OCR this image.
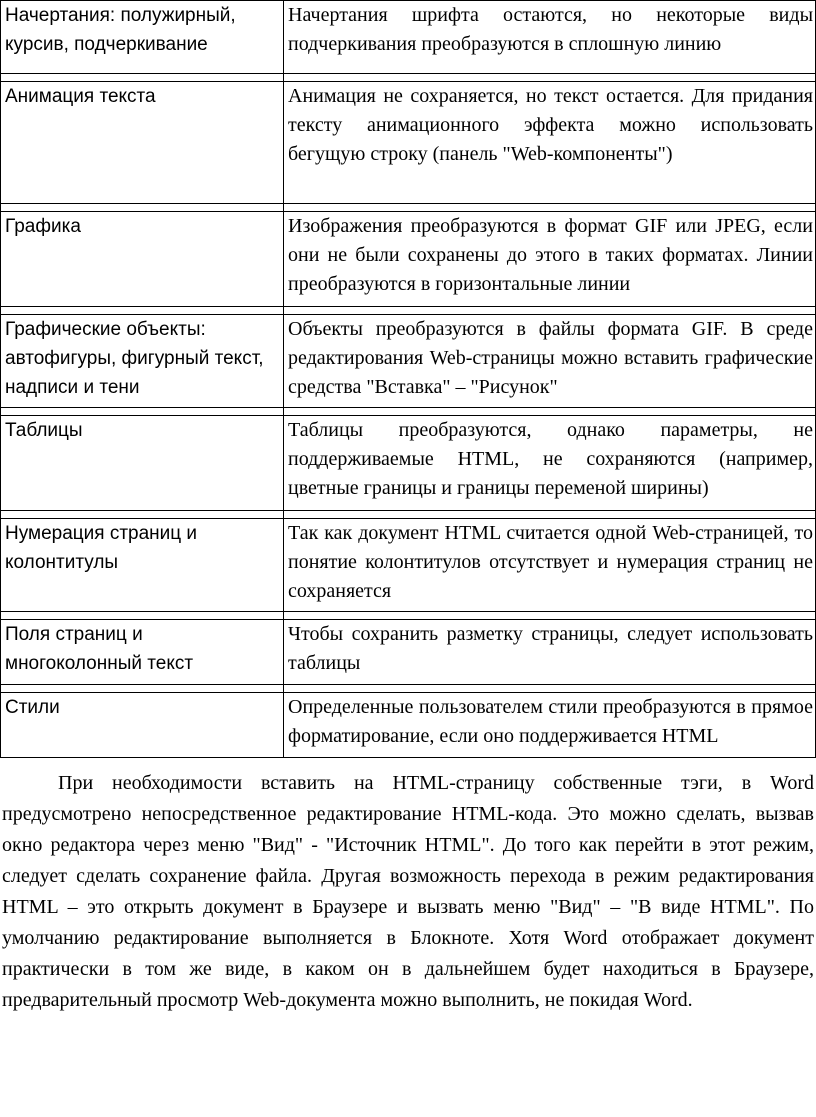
Начертания: полужирный, курсив, подчеркивание	Начертания шрифта остаются, но некоторые виды подчеркивания преобразуются в сплошную линию

Анимация текста	Анимация не сохраняется, но текст остается. Для придания тексту анимационного эффекта можно использовать бегущую строку (панель "Web-компоненты")

Графика	Изображения преобразуются в формат GIF или JPEG, если они не были сохранены до этого в таких форматах. Линии преобразуются в горизонтальные линии

Графические объекты: автофигуры, фигурный текст, надписи и тени	Объекты преобразуются в файлы формата GIF. В среде редактирования Web-страницы можно вставить графические средства "Вставка" – "Рисунок"

Таблицы	Таблицы преобразуются, однако параметры, не поддерживаемые HTML, не сохраняются (например, цветные границы и границы переменой ширины)

Нумерация страниц и колонтитулы	Так как документ HTML считается одной Web-страницей, то понятие колонтитулов отсутствует и нумерация страниц не сохраняется

Поля страниц и многоколонный текст	Чтобы сохранить разметку страницы, следует использовать таблицы

Стили	Определенные пользователем стили преобразуются в прямое форматирование, если оно поддерживается HTML

При необходимости вставить на HTML-страницу собственные тэги, в Word предусмотрено непосредственное редактирование HTML-кода. Это можно сделать, вызвав окно редактора через меню "Вид" - "Источник HTML". До того как перейти в этот режим, следует сделать сохранение файла. Другая возможность перехода в режим редактирования HTML – это открыть документ в Браузере и вызвать меню "Вид" – "В виде HTML". По умолчанию редактирование выполняется в Блокноте. Хотя Word отображает документ практически в том же виде, в каком он в дальнейшем будет находиться в Браузере, предварительный просмотр Web-документа можно выполнить, не покидая Word.
